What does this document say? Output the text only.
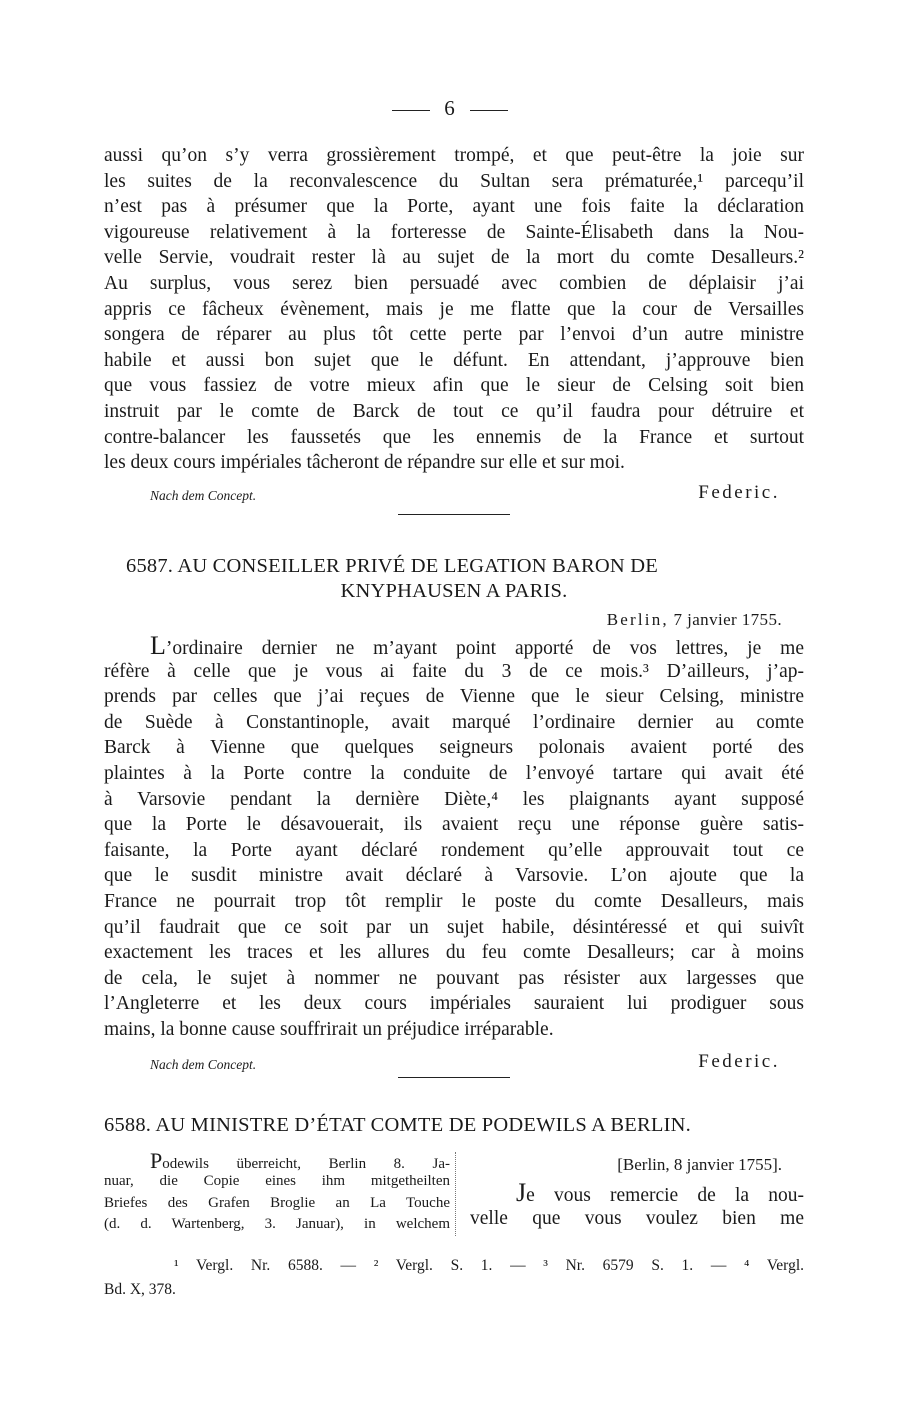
6
aussi qu’on s’y verra grossièrement trompé, et que peut-être la joie sur
les suites de la reconvalescence du Sultan sera prématurée,¹ parcequ’il
n’est pas à présumer que la Porte, ayant une fois faite la déclaration
vigoureuse relativement à la forteresse de Sainte-Élisabeth dans la Nou-
velle Servie, voudrait rester là au sujet de la mort du comte Desalleurs.²
Au surplus, vous serez bien persuadé avec combien de déplaisir j’ai
appris ce fâcheux évènement, mais je me flatte que la cour de Versailles
songera de réparer au plus tôt cette perte par l’envoi d’un autre ministre
habile et aussi bon sujet que le défunt. En attendant, j’approuve bien
que vous fassiez de votre mieux afin que le sieur de Celsing soit bien
instruit par le comte de Barck de tout ce qu’il faudra pour détruire et
contre-balancer les faussetés que les ennemis de la France et surtout
les deux cours impériales tâcheront de répandre sur elle et sur moi.
Nach dem Concept.	Federic.
6587. AU CONSEILLER PRIVÉ DE LEGATION BARON DE
KNYPHAUSEN A PARIS.
Berlin, 7 janvier 1755.
L’ordinaire dernier ne m’ayant point apporté de vos lettres, je me
réfère à celle que je vous ai faite du 3 de ce mois.³ D’ailleurs, j’ap-
prends par celles que j’ai reçues de Vienne que le sieur Celsing, ministre
de Suède à Constantinople, avait marqué l’ordinaire dernier au comte
Barck à Vienne que quelques seigneurs polonais avaient porté des
plaintes à la Porte contre la conduite de l’envoyé tartare qui avait été
à Varsovie pendant la dernière Diète,⁴ les plaignants ayant supposé
que la Porte le désavouerait, ils avaient reçu une réponse guère satis-
faisante, la Porte ayant déclaré rondement qu’elle approuvait tout ce
que le susdit ministre avait déclaré à Varsovie. L’on ajoute que la
France ne pourrait trop tôt remplir le poste du comte Desalleurs, mais
qu’il faudrait que ce soit par un sujet habile, désintéressé et qui suivît
exactement les traces et les allures du feu comte Desalleurs; car à moins
de cela, le sujet à nommer ne pouvant pas résister aux largesses que
l’Angleterre et les deux cours impériales sauraient lui prodiguer sous
mains, la bonne cause souffrirait un préjudice irréparable.
Nach dem Concept.	Federic.
6588. AU MINISTRE D’ÉTAT COMTE DE PODEWILS A BERLIN.
Podewils überreicht, Berlin 8. Ja-
nuar, die Copie eines ihm mitgetheilten
Briefes des Grafen Broglie an La Touche
(d. d. Wartenberg, 3. Januar), in welchem
[Berlin, 8 janvier 1755].
Je vous remercie de la nou-
velle que vous voulez bien me
¹ Vergl. Nr. 6588. — ² Vergl. S. 1. — ³ Nr. 6579 S. 1. — ⁴ Vergl.
Bd. X, 378.
